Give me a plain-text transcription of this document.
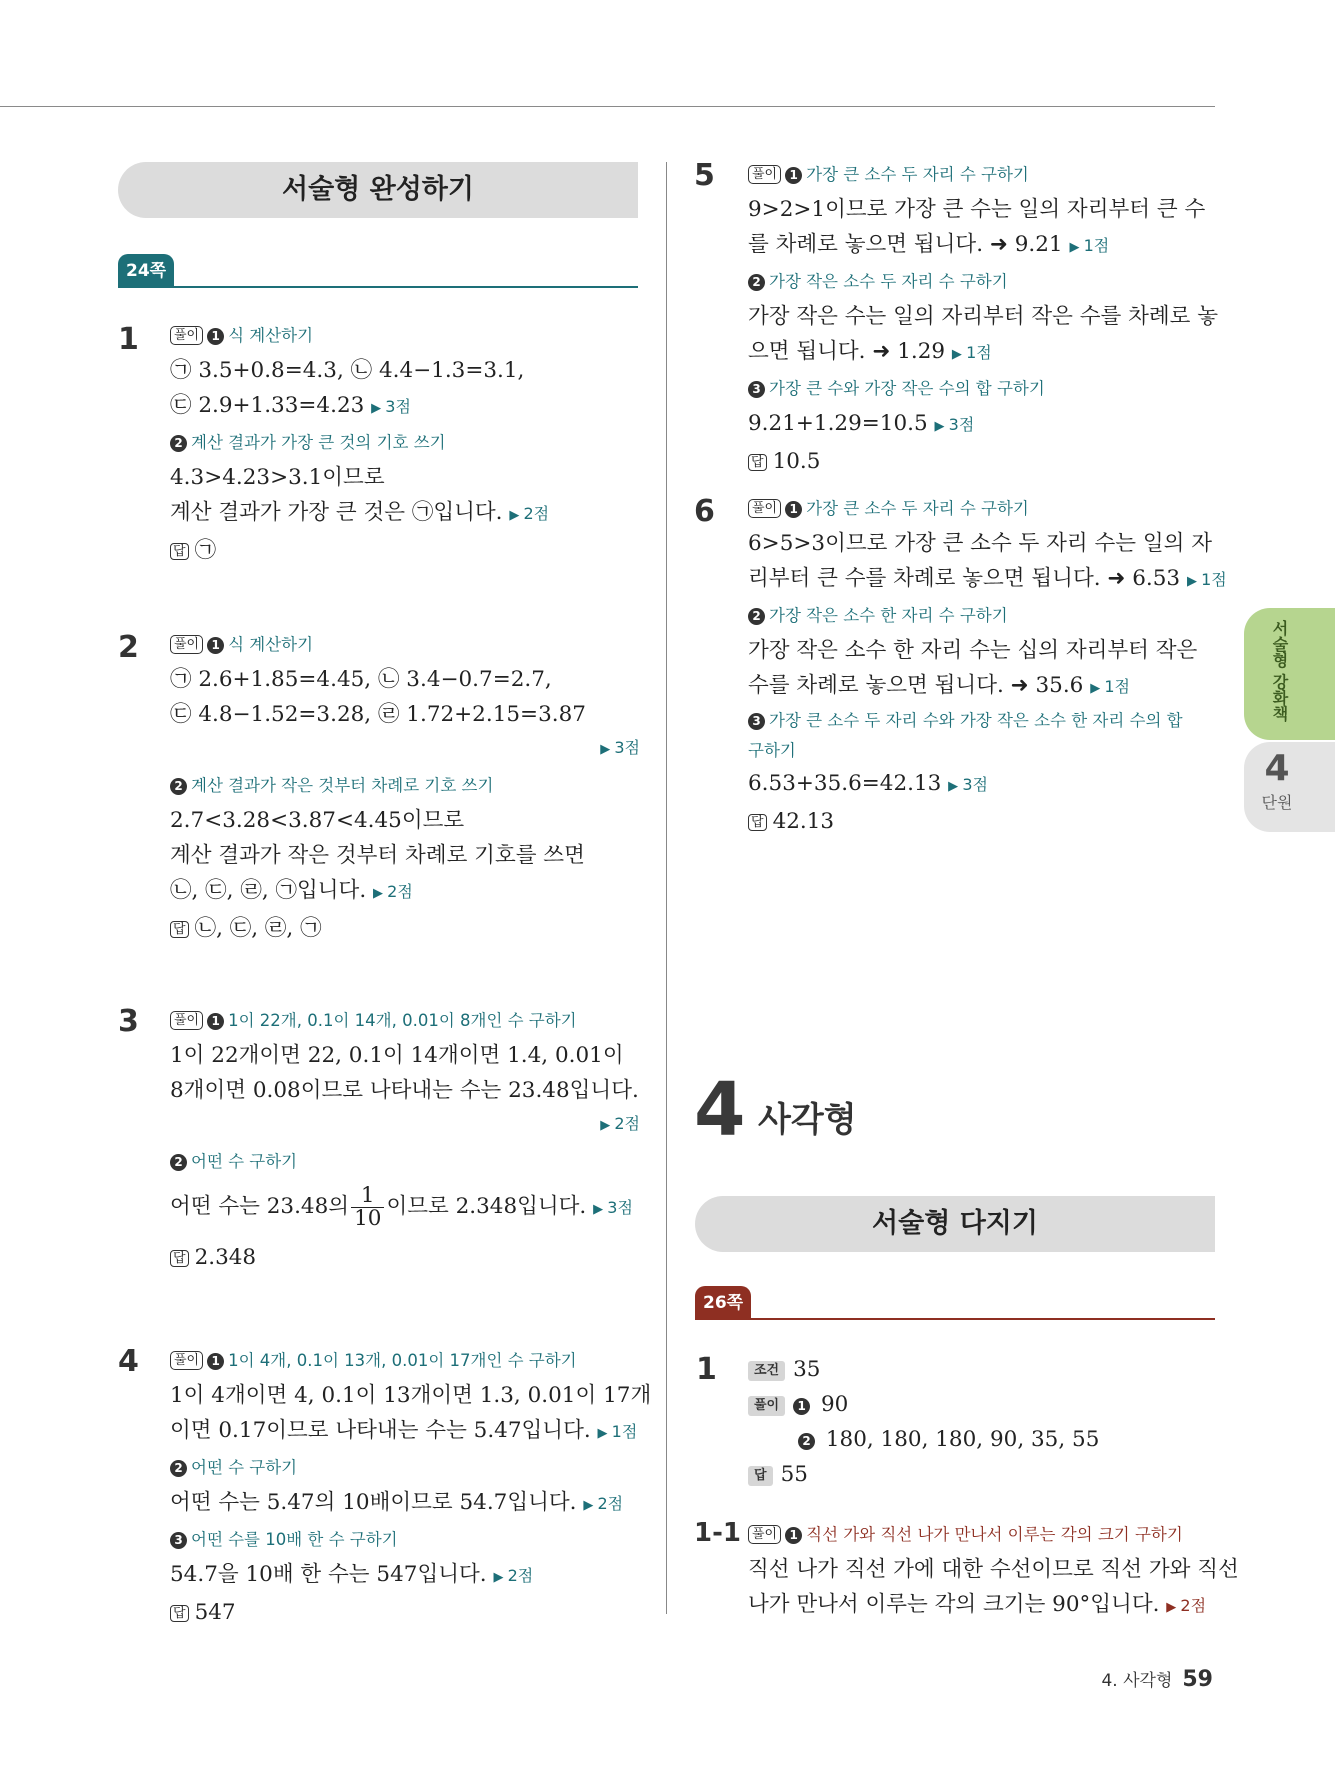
서술형 완성하기
24쪽
1	풀이 1 식 계산하기
㉠ 3.5+0.8=4.3, ㉡ 4.4−1.3=3.1,
㉢ 2.9+1.33=4.23 ▶ 3점
2 계산 결과가 가장 큰 것의 기호 쓰기
4.3>4.23>3.1이므로
계산 결과가 가장 큰 것은 ㉠입니다. ▶ 2점
답 ㉠
2	풀이 1 식 계산하기
㉠ 2.6+1.85=4.45, ㉡ 3.4−0.7=2.7,
㉢ 4.8−1.52=3.28, ㉣ 1.72+2.15=3.87
▶ 3점
2 계산 결과가 작은 것부터 차례로 기호 쓰기
2.7<3.28<3.87<4.45이므로
계산 결과가 작은 것부터 차례로 기호를 쓰면
㉡, ㉢, ㉣, ㉠입니다. ▶ 2점
답 ㉡, ㉢, ㉣, ㉠
3	풀이 1 1이 22개, 0.1이 14개, 0.01이 8개인 수 구하기
1이 22개이면 22, 0.1이 14개이면 1.4, 0.01이
8개이면 0.08이므로 나타내는 수는 23.48입니다.
▶ 2점
2 어떤 수 구하기
어떤 수는 23.48의 $\frac{1}{10}$ 이므로 2.348입니다. ▶ 3점
답 2.348
4	풀이 1 1이 4개, 0.1이 13개, 0.01이 17개인 수 구하기
1이 4개이면 4, 0.1이 13개이면 1.3, 0.01이 17개
이면 0.17이므로 나타내는 수는 5.47입니다. ▶ 1점
2 어떤 수 구하기
어떤 수는 5.47의 10배이므로 54.7입니다. ▶ 2점
3 어떤 수를 10배 한 수 구하기
54.7을 10배 한 수는 547입니다. ▶ 2점
답 547
5	풀이 1 가장 큰 소수 두 자리 수 구하기
9>2>1이므로 가장 큰 수는 일의 자리부터 큰 수
를 차례로 놓으면 됩니다. ➜ 9.21 ▶ 1점
2 가장 작은 소수 두 자리 수 구하기
가장 작은 수는 일의 자리부터 작은 수를 차례로 놓
으면 됩니다. ➜ 1.29 ▶ 1점
3 가장 큰 수와 가장 작은 수의 합 구하기
9.21+1.29=10.5 ▶ 3점
답 10.5
6	풀이 1 가장 큰 소수 두 자리 수 구하기
6>5>3이므로 가장 큰 소수 두 자리 수는 일의 자
리부터 큰 수를 차례로 놓으면 됩니다. ➜ 6.53 ▶ 1점
2 가장 작은 소수 한 자리 수 구하기
가장 작은 소수 한 자리 수는 십의 자리부터 작은
수를 차례로 놓으면 됩니다. ➜ 35.6 ▶ 1점
3 가장 큰 소수 두 자리 수와 가장 작은 소수 한 자리 수의 합
구하기
6.53+35.6=42.13 ▶ 3점
답 42.13
4 사각형
서술형 다지기
26쪽
1	조건 35
풀이 1 90
2 180, 180, 180, 90, 35, 55
답 55
1-1 풀이 1 직선 가와 직선 나가 만나서 이루는 각의 크기 구하기
직선 나가 직선 가에 대한 수선이므로 직선 가와 직선
나가 만나서 이루는 각의 크기는 90°입니다. ▶ 2점
서술형 강화책
4
단원
4. 사각형 59
